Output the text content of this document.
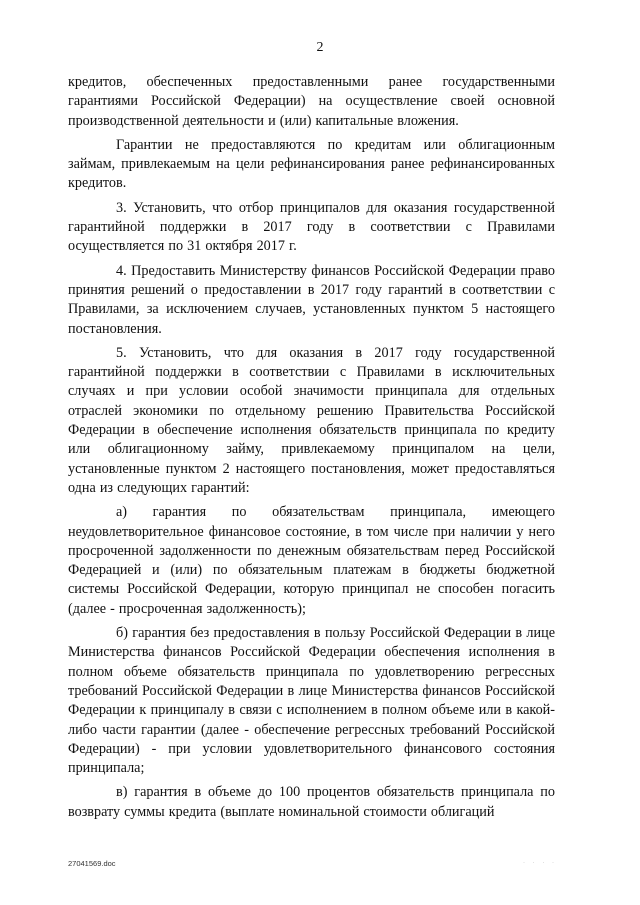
2

кредитов, обеспеченных предоставленными ранее государственными гарантиями Российской Федерации) на осуществление своей основной производственной деятельности и (или) капитальные вложения.

Гарантии не предоставляются по кредитам или облигационным займам, привлекаемым на цели рефинансирования ранее рефинансированных кредитов.

3. Установить, что отбор принципалов для оказания государственной гарантийной поддержки в 2017 году в соответствии с Правилами осуществляется по 31 октября 2017 г.

4. Предоставить Министерству финансов Российской Федерации право принятия решений о предоставлении в 2017 году гарантий в соответствии с Правилами, за исключением случаев, установленных пунктом 5 настоящего постановления.

5. Установить, что для оказания в 2017 году государственной гарантийной поддержки в соответствии с Правилами в исключительных случаях и при условии особой значимости принципала для отдельных отраслей экономики по отдельному решению Правительства Российской Федерации в обеспечение исполнения обязательств принципала по кредиту или облигационному займу, привлекаемому принципалом на цели, установленные пунктом 2 настоящего постановления, может предоставляться одна из следующих гарантий:

а) гарантия по обязательствам принципала, имеющего неудовлетворительное финансовое состояние, в том числе при наличии у него просроченной задолженности по денежным обязательствам перед Российской Федерацией и (или) по обязательным платежам в бюджеты бюджетной системы Российской Федерации, которую принципал не способен погасить (далее - просроченная задолженность);

б) гарантия без предоставления в пользу Российской Федерации в лице Министерства финансов Российской Федерации обеспечения исполнения в полном объеме обязательств принципала по удовлетворению регрессных требований Российской Федерации в лице Министерства финансов Российской Федерации к принципалу в связи с исполнением в полном объеме или в какой-либо части гарантии (далее - обеспечение регрессных требований Российской Федерации) - при условии удовлетворительного финансового состояния принципала;

в) гарантия в объеме до 100 процентов обязательств принципала по возврату суммы кредита (выплате номинальной стоимости облигаций

27041569.doc	· · · ·
